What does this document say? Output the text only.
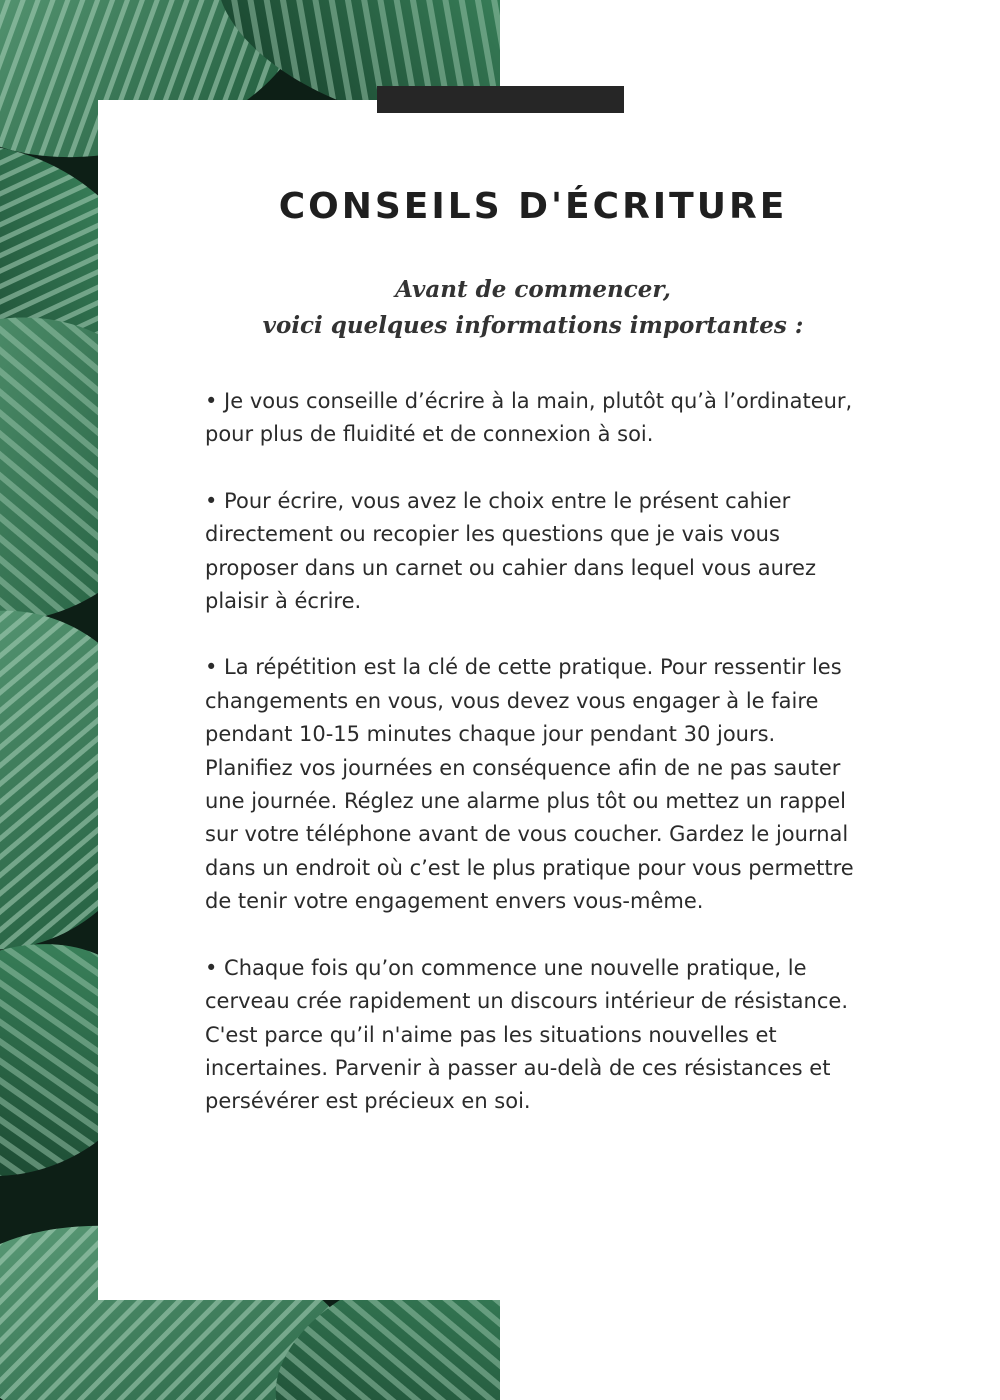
CONSEILS D'ÉCRITURE
Avant de commencer,
voici quelques informations importantes :

• Je vous conseille d’écrire à la main, plutôt qu’à l’ordinateur, pour plus de fluidité et de connexion à soi.

• Pour écrire, vous avez le choix entre le présent cahier directement ou recopier les questions que je vais vous proposer dans un carnet ou cahier dans lequel vous aurez plaisir à écrire.

• La répétition est la clé de cette pratique. Pour ressentir les changements en vous, vous devez vous engager à le faire pendant 10-15 minutes chaque jour pendant 30 jours. Planifiez vos journées en conséquence afin de ne pas sauter une journée. Réglez une alarme plus tôt ou mettez un rappel sur votre téléphone avant de vous coucher. Gardez le journal dans un endroit où c’est le plus pratique pour vous permettre de tenir votre engagement envers vous-même.

• Chaque fois qu’on commence une nouvelle pratique, le cerveau crée rapidement un discours intérieur de résistance. C'est parce qu’il n'aime pas les situations nouvelles et incertaines. Parvenir à passer au-delà de ces résistances et persévérer est précieux en soi.
